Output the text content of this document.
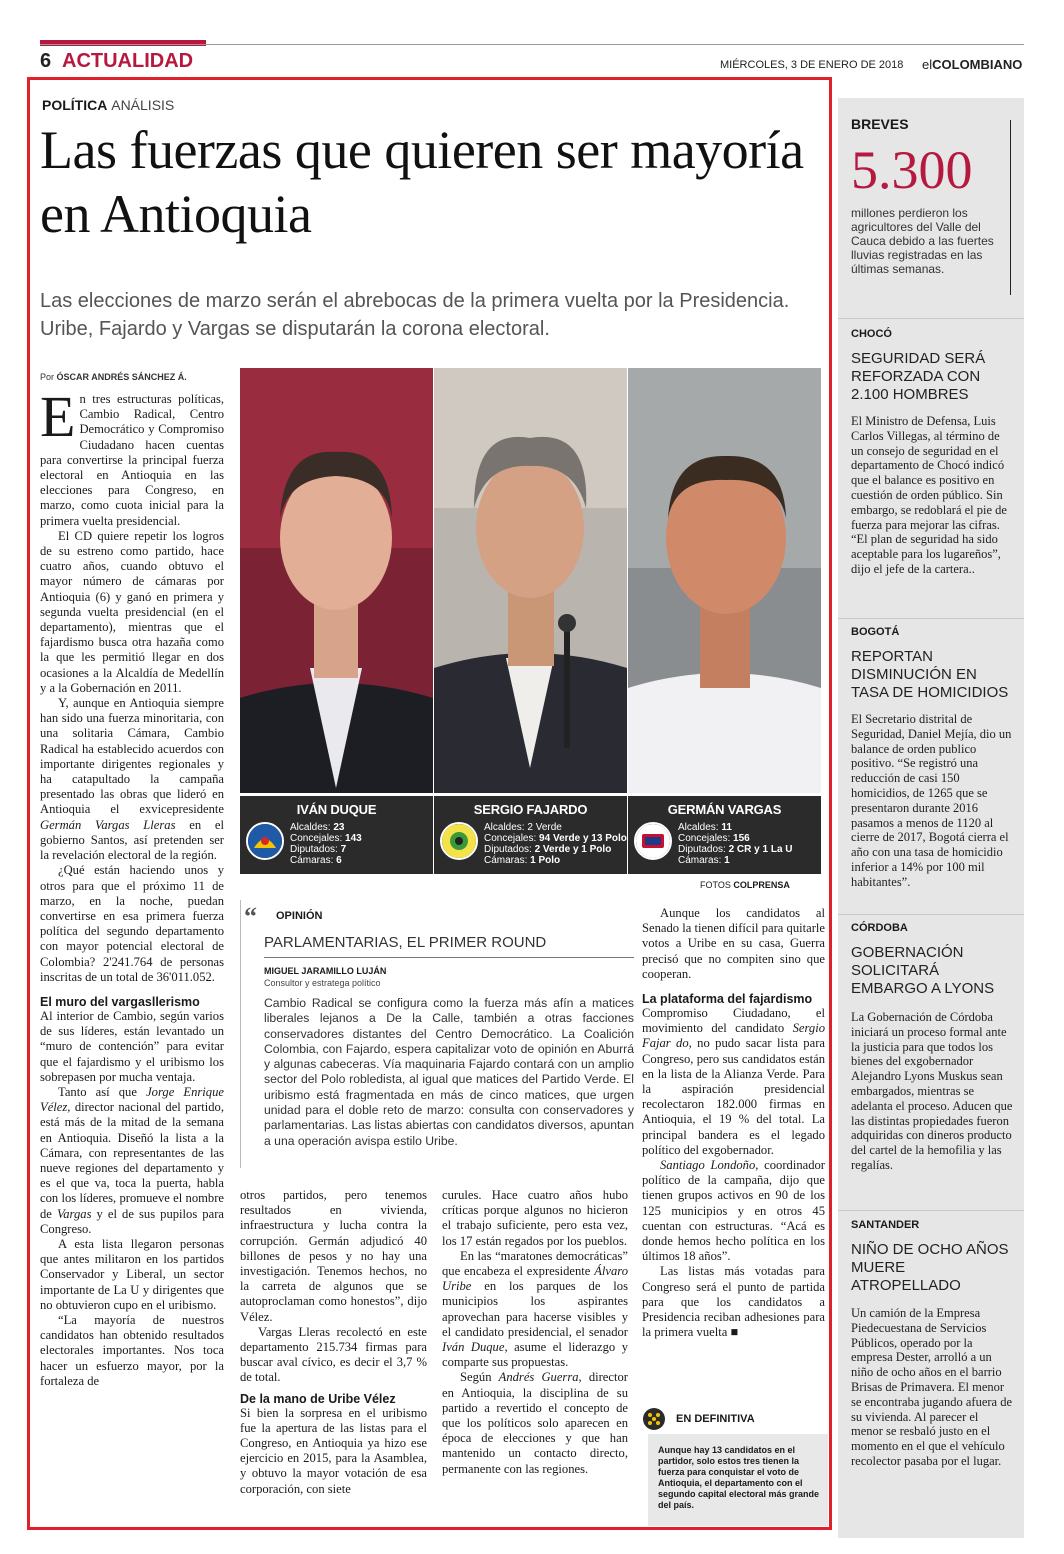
6 ACTUALIDAD	MIÉRCOLES, 3 DE ENERO DE 2018 elCOLOMBIANO
POLÍTICA ANÁLISIS
Las fuerzas que quieren ser mayoría en Antioquia
Las elecciones de marzo serán el abrebocas de la primera vuelta por la Presidencia. Uribe, Fajardo y Vargas se disputarán la corona electoral.
Por ÓSCAR ANDRÉS SÁNCHEZ Á.

En tres estructuras políticas, Cambio Radical, Centro Democrático y Compromiso Ciudadano hacen cuentas para convertirse la principal fuerza electoral en Antioquia en las elecciones para Congreso, en marzo, como cuota inicial para la primera vuelta presidencial.

El CD quiere repetir los logros de su estreno como partido, hace cuatro años, cuando obtuvo el mayor número de cámaras por Antioquia (6) y ganó en primera y segunda vuelta presidencial (en el departamento), mientras que el fajardismo busca otra hazaña como la que les permitió llegar en dos ocasiones a la Alcaldía de Medellín y a la Gobernación en 2011.

Y, aunque en Antioquia siempre han sido una fuerza minoritaria, con una solitaria Cámara, Cambio Radical ha establecido acuerdos con importante dirigentes regionales y ha catapultado la campaña presentado las obras que lideró en Antioquia el exvicepresidente Germán Vargas Lleras en el gobierno Santos, así pretenden ser la revelación electoral de la región.

¿Qué están haciendo unos y otros para que el próximo 11 de marzo, en la noche, puedan convertirse en esa primera fuerza política del segundo departamento con mayor potencial electoral de Colombia? 2'241.764 de personas inscritas de un total de 36'011.052.

El muro del vargasllerismo

Al interior de Cambio, según varios de sus líderes, están levantado un “muro de contención” para evitar que el fajardismo y el uribismo los sobrepasen por mucha ventaja.

Tanto así que Jorge Enrique Vélez, director nacional del partido, está más de la mitad de la semana en Antioquia. Diseñó la lista a la Cámara, con representantes de las nueve regiones del departamento y es el que va, toca la puerta, habla con los líderes, promueve el nombre de Vargas y el de sus pupilos para Congreso.

A esta lista llegaron personas que antes militaron en los partidos Conservador y Liberal, un sector importante de La U y dirigentes que no obtuvieron cupo en el uribismo.

“La mayoría de nuestros candidatos han obtenido resultados electorales importantes. Nos toca hacer un esfuerzo mayor, por la fortaleza de

IVÁN DUQUE
Alcaldes: 23
Concejales: 143
Diputados: 7
Cámaras: 6
SERGIO FAJARDO
Alcaldes: 2 Verde
Concejales: 94 Verde y 13 Polo
Diputados: 2 Verde y 1 Polo
Cámaras: 1 Polo
GERMÁN VARGAS
Alcaldes: 11
Concejales: 156
Diputados: 2 CR y 1 La U
Cámaras: 1
FOTOS COLPRENSA
“ OPINIÓN
PARLAMENTARIAS, EL PRIMER ROUND
MIGUEL JARAMILLO LUJÁN
Consultor y estratega político
Cambio Radical se configura como la fuerza más afín a matices liberales lejanos a De la Calle, también a otras facciones conservadores distantes del Centro Democrático. La Coalición Colombia, con Fajardo, espera capitalizar voto de opinión en Aburrá y algunas cabeceras. Vía maquinaria Fajardo contará con un amplio sector del Polo robledista, al igual que matices del Partido Verde. El uribismo está fragmentada en más de cinco matices, que urgen unidad para el doble reto de marzo: consulta con conservadores y parlamentarias. Las listas abiertas con candidatos diversos, apuntan a una operación avispa estilo Uribe.

otros partidos, pero tenemos resultados en vivienda, infraestructura y lucha contra la corrupción. Germán adjudicó 40 billones de pesos y no hay una investigación. Tenemos hechos, no la carreta de algunos que se autoproclaman como honestos”, dijo Vélez.

Vargas Lleras recolectó en este departamento 215.734 firmas para buscar aval cívico, es decir el 3,7 % de total.

De la mano de Uribe Vélez

Si bien la sorpresa en el uribismo fue la apertura de las listas para el Congreso, en Antioquia ya hizo ese ejercicio en 2015, para la Asamblea, y obtuvo la mayor votación de esa corporación, con siete

curules. Hace cuatro años hubo críticas porque algunos no hicieron el trabajo suficiente, pero esta vez, los 17 están regados por los pueblos.

En las “maratones democráticas” que encabeza el expresidente Álvaro Uribe en los parques de los municipios los aspirantes aprovechan para hacerse visibles y el candidato presidencial, el senador Iván Duque, asume el liderazgo y comparte sus propuestas.

Según Andrés Guerra, director en Antioquia, la disciplina de su partido a revertido el concepto de que los políticos solo aparecen en época de elecciones y que han mantenido un contacto directo, permanente con las regiones.

Aunque los candidatos al Senado la tienen difícil para quitarle votos a Uribe en su casa, Guerra precisó que no compiten sino que cooperan.

La plataforma del fajardismo

Compromiso Ciudadano, el movimiento del candidato Sergio Fajar do, no pudo sacar lista para Congreso, pero sus candidatos están en la lista de la Alianza Verde. Para la aspiración presidencial recolectaron 182.000 firmas en Antioquia, el 19 % del total. La principal bandera es el legado político del exgobernador.

Santiago Londoño, coordinador político de la campaña, dijo que tienen grupos activos en 90 de los 125 municipios y en otros 45 cuentan con estructuras. “Acá es donde hemos hecho política en los últimos 18 años”.

Las listas más votadas para Congreso será el punto de partida para que los candidatos a Presidencia reciban adhesiones para la primera vuelta ■

EN DEFINITIVA
Aunque hay 13 candidatos en el partidor, solo estos tres tienen la fuerza para conquistar el voto de Antioquia, el departamento con el segundo capital electoral más grande del país.
BREVES
5.300
millones perdieron los agricultores del Valle del Cauca debido a las fuertes lluvias registradas en las últimas semanas.
CHOCÓ
SEGURIDAD SERÁ REFORZADA CON 2.100 HOMBRES
El Ministro de Defensa, Luis Carlos Villegas, al término de un consejo de seguridad en el departamento de Chocó indicó que el balance es positivo en cuestión de orden público. Sin embargo, se redoblará el pie de fuerza para mejorar las cifras. “El plan de seguridad ha sido aceptable para los lugareños”, dijo el jefe de la cartera..
BOGOTÁ
REPORTAN DISMINUCIÓN EN TASA DE HOMICIDIOS
El Secretario distrital de Seguridad, Daniel Mejía, dio un balance de orden publico positivo. “Se registró una reducción de casi 150 homicidios, de 1265 que se presentaron durante 2016 pasamos a menos de 1120 al cierre de 2017, Bogotá cierra el año con una tasa de homicidio inferior a 14% por 100 mil habitantes”.
CÓRDOBA
GOBERNACIÓN SOLICITARÁ EMBARGO A LYONS
La Gobernación de Córdoba iniciará un proceso formal ante la justicia para que todos los bienes del exgobernador Alejandro Lyons Muskus sean embargados, mientras se adelanta el proceso. Aducen que las distintas propiedades fueron adquiridas con dineros producto del cartel de la hemofilia y las regalías.
SANTANDER
NIÑO DE OCHO AÑOS MUERE ATROPELLADO
Un camión de la Empresa Piedecuestana de Servicios Públicos, operado por la empresa Dester, arrolló a un niño de ocho años en el barrio Brisas de Primavera. El menor se encontraba jugando afuera de su vivienda. Al parecer el menor se resbaló justo en el momento en el que el vehículo recolector pasaba por el lugar.
